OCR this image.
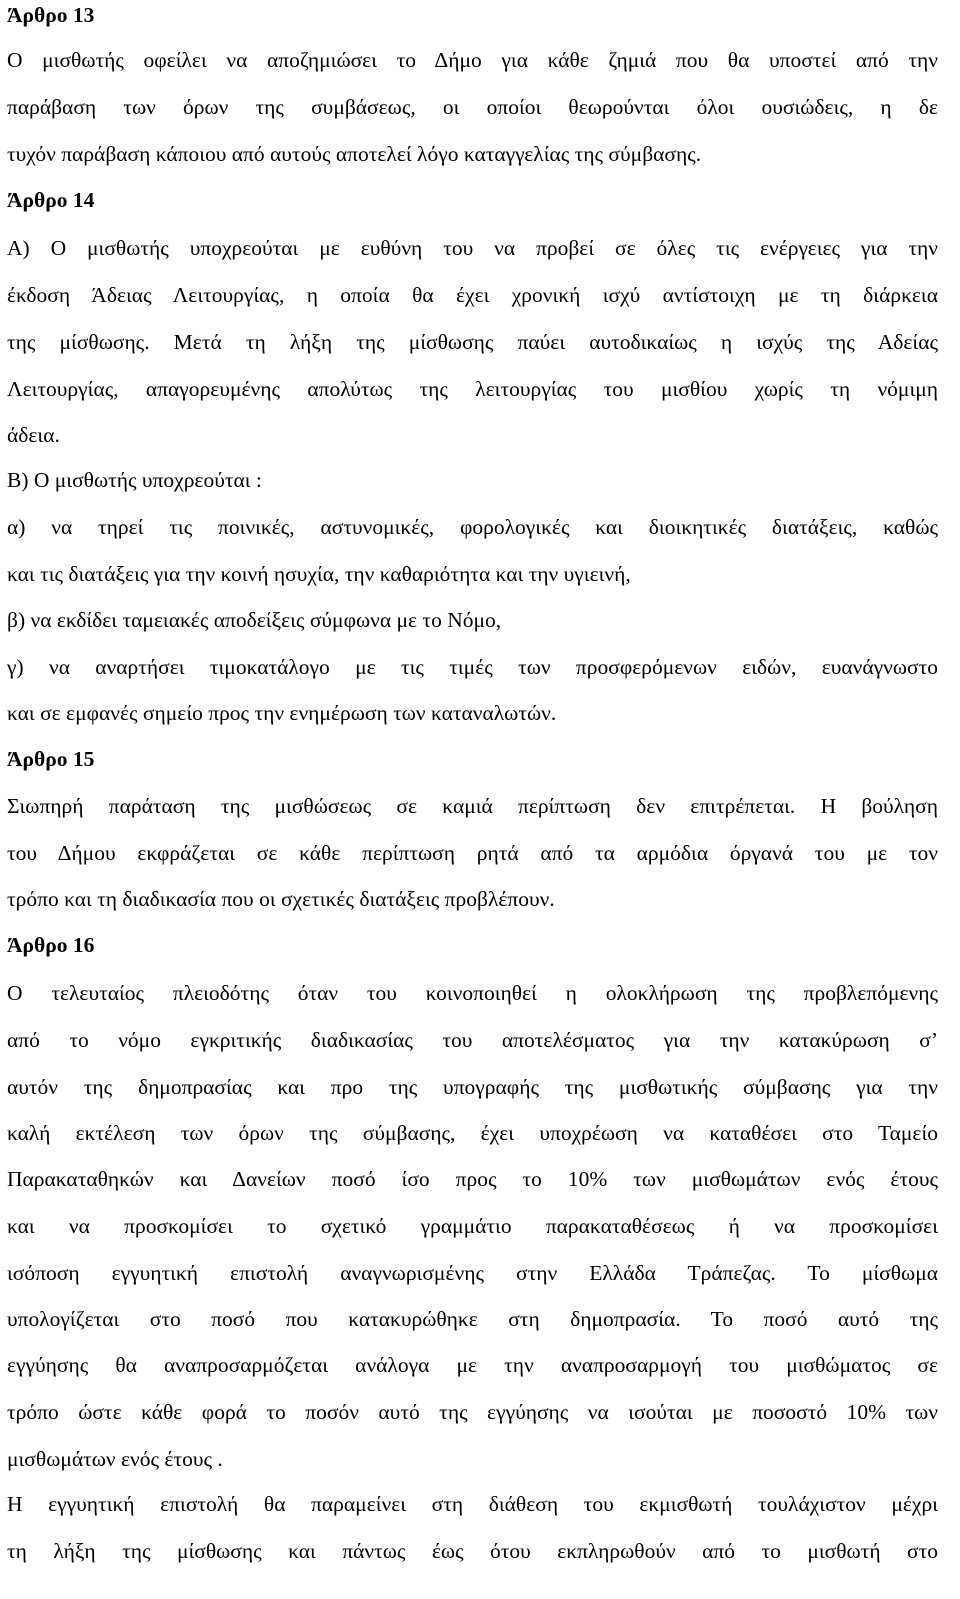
Άρθρο 13
Ο μισθωτής οφείλει να αποζημιώσει το Δήμο για κάθε ζημιά που θα υποστεί από την
παράβαση των όρων της συμβάσεως, οι οποίοι θεωρούνται όλοι ουσιώδεις, η δε
τυχόν παράβαση κάποιου από αυτούς αποτελεί λόγο καταγγελίας της σύμβασης.
Άρθρο 14
Α) Ο μισθωτής υποχρεούται με ευθύνη του να προβεί σε όλες τις ενέργειες για την
έκδοση Άδειας Λειτουργίας, η οποία θα έχει χρονική ισχύ αντίστοιχη με τη διάρκεια
της μίσθωσης. Μετά τη λήξη της μίσθωσης παύει αυτοδικαίως η ισχύς της Αδείας
Λειτουργίας, απαγορευμένης απολύτως της λειτουργίας του μισθίου χωρίς τη νόμιμη
άδεια.
Β) Ο μισθωτής υποχρεούται :
α) να τηρεί τις ποινικές, αστυνομικές, φορολογικές και διοικητικές διατάξεις, καθώς
και τις διατάξεις για την κοινή ησυχία, την καθαριότητα και την υγιεινή,
β) να εκδίδει ταμειακές αποδείξεις σύμφωνα με το Νόμο,
γ) να αναρτήσει τιμοκατάλογο με τις τιμές των προσφερόμενων ειδών, ευανάγνωστο
και σε εμφανές σημείο προς την ενημέρωση των καταναλωτών.
Άρθρο 15
Σιωπηρή παράταση της μισθώσεως σε καμιά περίπτωση δεν επιτρέπεται. Η βούληση
του Δήμου εκφράζεται σε κάθε περίπτωση ρητά από τα αρμόδια όργανά του με τον
τρόπο και τη διαδικασία που οι σχετικές διατάξεις προβλέπουν.
Άρθρο 16
Ο τελευταίος πλειοδότης όταν του κοινοποιηθεί η ολοκλήρωση της προβλεπόμενης
από το νόμο εγκριτικής διαδικασίας του αποτελέσματος για την κατακύρωση σ’
αυτόν της δημοπρασίας και προ της υπογραφής της μισθωτικής σύμβασης για την
καλή εκτέλεση των όρων της σύμβασης, έχει υποχρέωση να καταθέσει στο Ταμείο
Παρακαταθηκών και Δανείων ποσό ίσο προς το 10% των μισθωμάτων ενός έτους
και να προσκομίσει το σχετικό γραμμάτιο παρακαταθέσεως ή να προσκομίσει
ισόποση εγγυητική επιστολή αναγνωρισμένης στην Ελλάδα Τράπεζας. Το μίσθωμα
υπολογίζεται στο ποσό που κατακυρώθηκε στη δημοπρασία. Το ποσό αυτό της
εγγύησης θα αναπροσαρμόζεται ανάλογα με την αναπροσαρμογή του μισθώματος σε
τρόπο ώστε κάθε φορά το ποσόν αυτό της εγγύησης να ισούται με ποσοστό 10% των
μισθωμάτων ενός έτους .
Η εγγυητική επιστολή θα παραμείνει στη διάθεση του εκμισθωτή τουλάχιστον μέχρι
τη λήξη της μίσθωσης και πάντως έως ότου εκπληρωθούν από το μισθωτή στο
